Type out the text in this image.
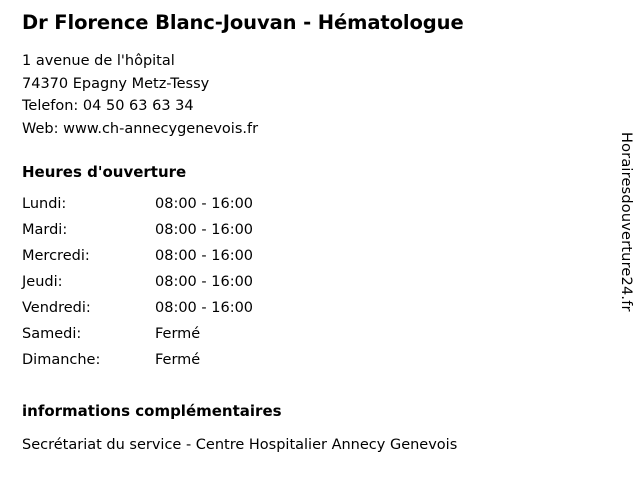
Dr Florence Blanc-Jouvan - Hématologue

1 avenue de l'hôpital

74370 Epagny Metz-Tessy

Telefon: 04 50 63 63 34

Web: www.ch-annecygenevois.fr

Heures d'ouverture
Lundi:	08:00 - 16:00
Mardi:	08:00 - 16:00
Mercredi:	08:00 - 16:00
Jeudi:	08:00 - 16:00
Vendredi:	08:00 - 16:00
Samedi:	Fermé
Dimanche:	Fermé
informations complémentaires

Secrétariat du service - Centre Hospitalier Annecy Genevois

Horairesdouverture24.fr
